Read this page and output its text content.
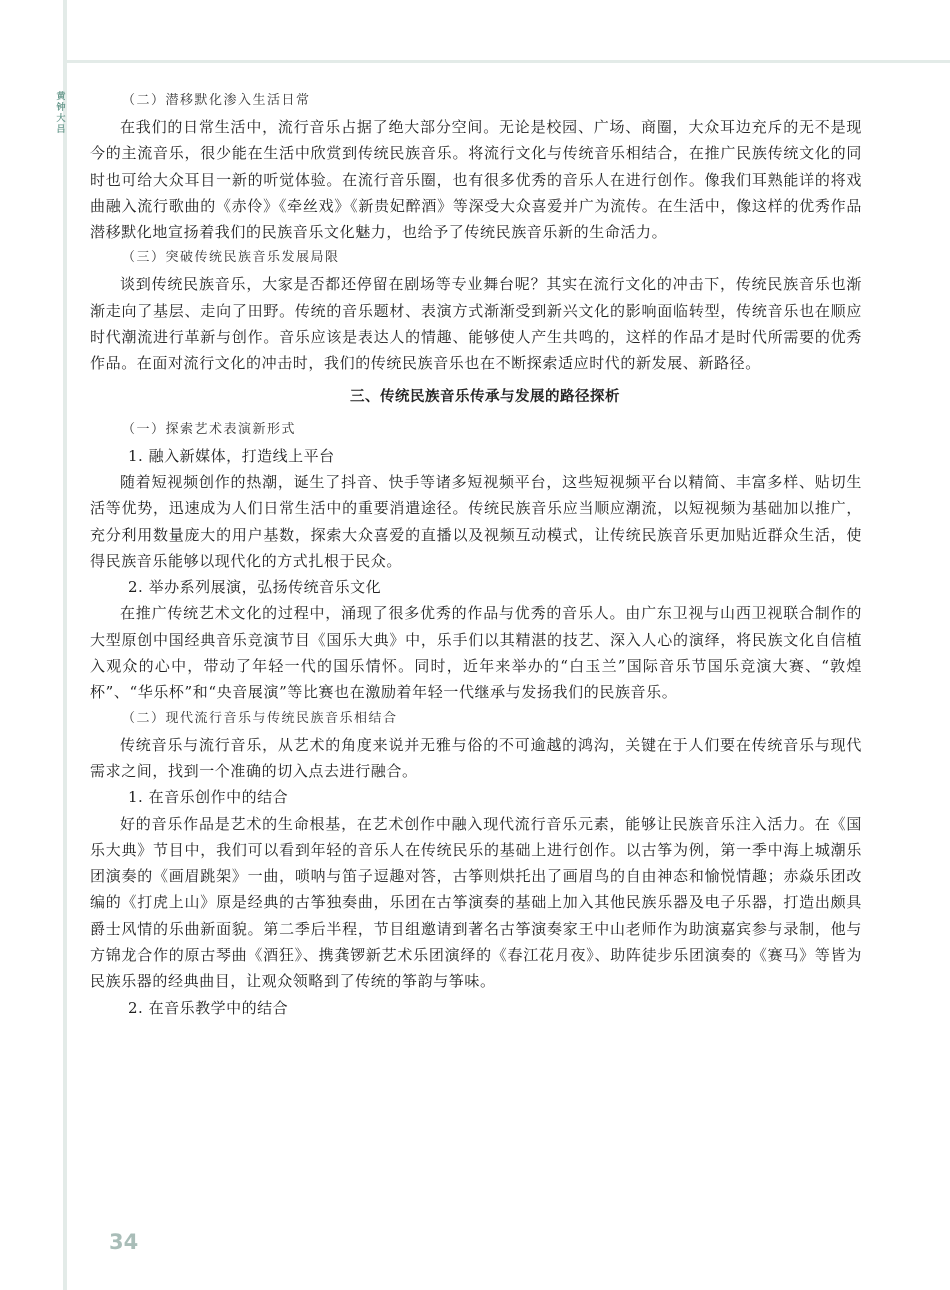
黄
钟
大
吕

（二）潜移默化渗入生活日常

在我们的日常生活中，流行音乐占据了绝大部分空间。无论是校园、广场、商圈，大众耳边充斥的无不是现今的主流音乐，很少能在生活中欣赏到传统民族音乐。将流行文化与传统音乐相结合，在推广民族传统文化的同时也可给大众耳目一新的听觉体验。在流行音乐圈，也有很多优秀的音乐人在进行创作。像我们耳熟能详的将戏曲融入流行歌曲的《赤伶》《牵丝戏》《新贵妃醉酒》等深受大众喜爱并广为流传。在生活中，像这样的优秀作品潜移默化地宣扬着我们的民族音乐文化魅力，也给予了传统民族音乐新的生命活力。

（三）突破传统民族音乐发展局限

谈到传统民族音乐，大家是否都还停留在剧场等专业舞台呢？其实在流行文化的冲击下，传统民族音乐也渐渐走向了基层、走向了田野。传统的音乐题材、表演方式渐渐受到新兴文化的影响面临转型，传统音乐也在顺应时代潮流进行革新与创作。音乐应该是表达人的情趣、能够使人产生共鸣的，这样的作品才是时代所需要的优秀作品。在面对流行文化的冲击时，我们的传统民族音乐也在不断探索适应时代的新发展、新路径。

三、传统民族音乐传承与发展的路径探析

（一）探索艺术表演新形式

1. 融入新媒体，打造线上平台

随着短视频创作的热潮，诞生了抖音、快手等诸多短视频平台，这些短视频平台以精简、丰富多样、贴切生活等优势，迅速成为人们日常生活中的重要消遣途径。传统民族音乐应当顺应潮流，以短视频为基础加以推广，充分利用数量庞大的用户基数，探索大众喜爱的直播以及视频互动模式，让传统民族音乐更加贴近群众生活，使得民族音乐能够以现代化的方式扎根于民众。

2. 举办系列展演，弘扬传统音乐文化

在推广传统艺术文化的过程中，涌现了很多优秀的作品与优秀的音乐人。由广东卫视与山西卫视联合制作的大型原创中国经典音乐竞演节目《国乐大典》中，乐手们以其精湛的技艺、深入人心的演绎，将民族文化自信植入观众的心中，带动了年轻一代的国乐情怀。同时，近年来举办的“白玉兰”国际音乐节国乐竞演大赛、“敦煌杯”、“华乐杯”和“央音展演”等比赛也在激励着年轻一代继承与发扬我们的民族音乐。

（二）现代流行音乐与传统民族音乐相结合

传统音乐与流行音乐，从艺术的角度来说并无雅与俗的不可逾越的鸿沟，关键在于人们要在传统音乐与现代需求之间，找到一个准确的切入点去进行融合。

1. 在音乐创作中的结合

好的音乐作品是艺术的生命根基，在艺术创作中融入现代流行音乐元素，能够让民族音乐注入活力。在《国乐大典》节目中，我们可以看到年轻的音乐人在传统民乐的基础上进行创作。以古筝为例，第一季中海上城潮乐团演奏的《画眉跳架》一曲，唢呐与笛子逗趣对答，古筝则烘托出了画眉鸟的自由神态和愉悦情趣；赤焱乐团改编的《打虎上山》原是经典的古筝独奏曲，乐团在古筝演奏的基础上加入其他民族乐器及电子乐器，打造出颇具爵士风情的乐曲新面貌。第二季后半程，节目组邀请到著名古筝演奏家王中山老师作为助演嘉宾参与录制，他与方锦龙合作的原古琴曲《酒狂》、携龚锣新艺术乐团演绎的《春江花月夜》、助阵徒步乐团演奏的《赛马》等皆为民族乐器的经典曲目，让观众领略到了传统的筝韵与筝味。

2. 在音乐教学中的结合

34
